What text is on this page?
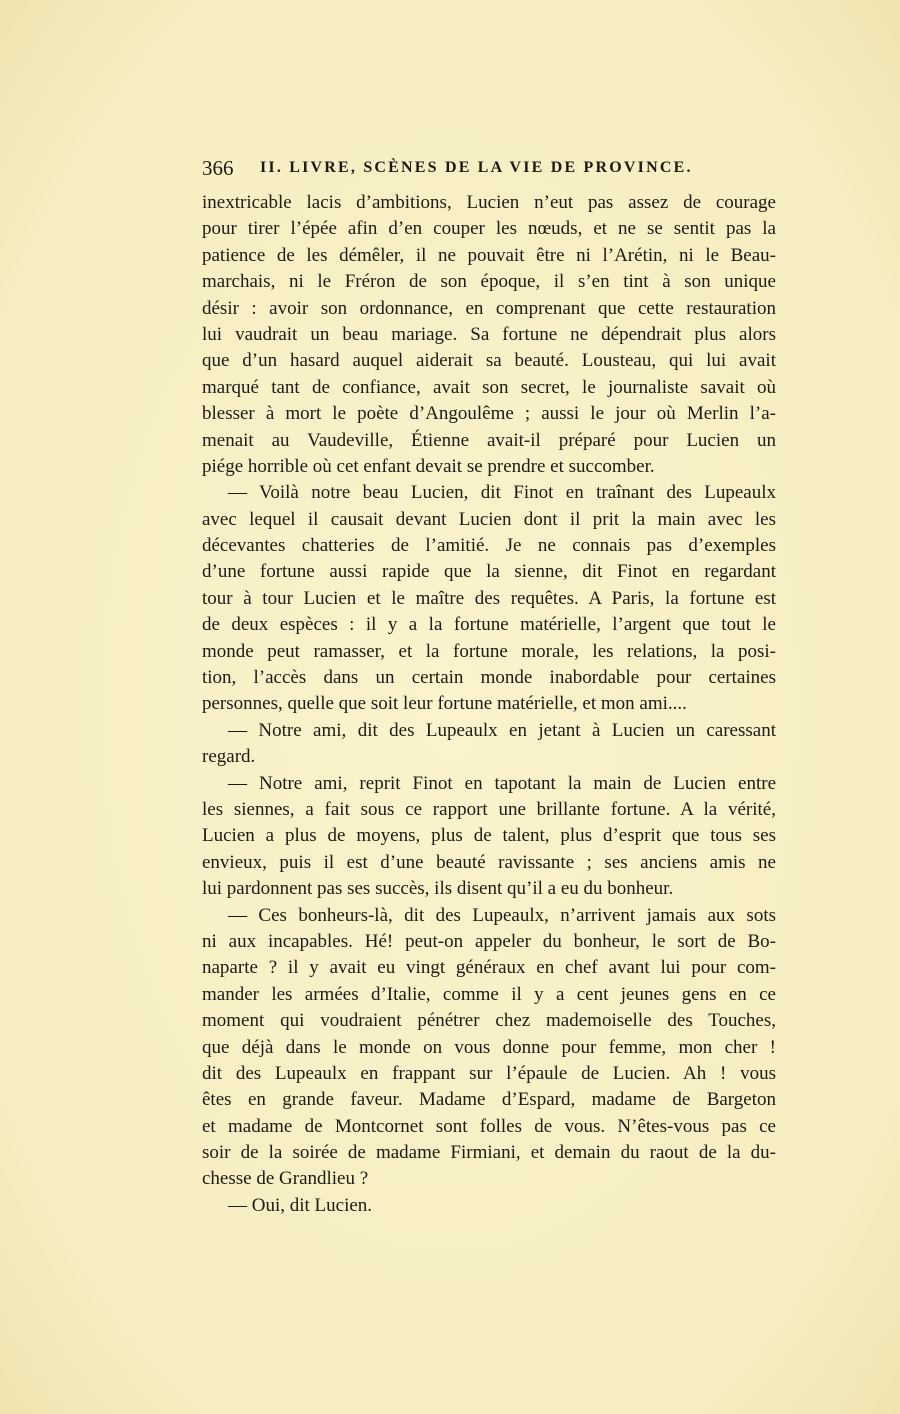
366 II. LIVRE, SCÈNES DE LA VIE DE PROVINCE.
inextricable lacis d’ambitions, Lucien n’eut pas assez de courage
pour tirer l’épée afin d’en couper les nœuds, et ne se sentit pas la
patience de les démêler, il ne pouvait être ni l’Arétin, ni le Beau-
marchais, ni le Fréron de son époque, il s’en tint à son unique
désir : avoir son ordonnance, en comprenant que cette restauration
lui vaudrait un beau mariage. Sa fortune ne dépendrait plus alors
que d’un hasard auquel aiderait sa beauté. Lousteau, qui lui avait
marqué tant de confiance, avait son secret, le journaliste savait où
blesser à mort le poète d’Angoulême ; aussi le jour où Merlin l’a-
menait au Vaudeville, Étienne avait-il préparé pour Lucien un
piége horrible où cet enfant devait se prendre et succomber.
— Voilà notre beau Lucien, dit Finot en traînant des Lupeaulx
avec lequel il causait devant Lucien dont il prit la main avec les
décevantes chatteries de l’amitié. Je ne connais pas d’exemples
d’une fortune aussi rapide que la sienne, dit Finot en regardant
tour à tour Lucien et le maître des requêtes. A Paris, la fortune est
de deux espèces : il y a la fortune matérielle, l’argent que tout le
monde peut ramasser, et la fortune morale, les relations, la posi-
tion, l’accès dans un certain monde inabordable pour certaines
personnes, quelle que soit leur fortune matérielle, et mon ami....
— Notre ami, dit des Lupeaulx en jetant à Lucien un caressant
regard.
— Notre ami, reprit Finot en tapotant la main de Lucien entre
les siennes, a fait sous ce rapport une brillante fortune. A la vérité,
Lucien a plus de moyens, plus de talent, plus d’esprit que tous ses
envieux, puis il est d’une beauté ravissante ; ses anciens amis ne
lui pardonnent pas ses succès, ils disent qu’il a eu du bonheur.
— Ces bonheurs-là, dit des Lupeaulx, n’arrivent jamais aux sots
ni aux incapables. Hé! peut-on appeler du bonheur, le sort de Bo-
naparte ? il y avait eu vingt généraux en chef avant lui pour com-
mander les armées d’Italie, comme il y a cent jeunes gens en ce
moment qui voudraient pénétrer chez mademoiselle des Touches,
que déjà dans le monde on vous donne pour femme, mon cher !
dit des Lupeaulx en frappant sur l’épaule de Lucien. Ah ! vous
êtes en grande faveur. Madame d’Espard, madame de Bargeton
et madame de Montcornet sont folles de vous. N’êtes-vous pas ce
soir de la soirée de madame Firmiani, et demain du raout de la du-
chesse de Grandlieu ?
— Oui, dit Lucien.
